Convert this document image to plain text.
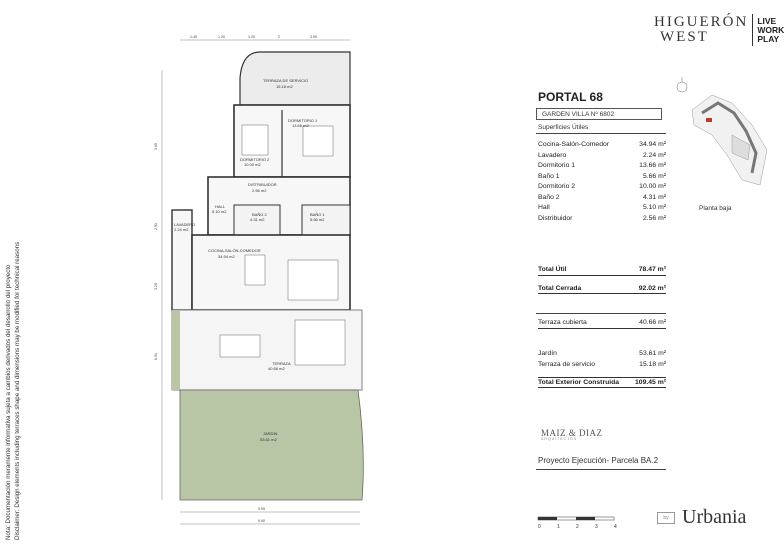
Nota: Documentación meramente informativa sujeta a cambios derivados del desarrollo del proyecto Disclaimer: Design elements including terraces shape and dimensions may be modified for technical reasons
1.45	1.20	1.20	2	3.90
3.00
2.91
3.20
6.94
TERRAZA DE SERVICIO
15.18 m2
DORMITORIO 1
13.66 m2
DORMITORIO 2
10.00 m2
DISTRIBUIDOR
2.56 m2
HALL
5.10 m2
BAÑO 2
4.31 m2
BAÑO 1
5.66 m2
LAVADERO
2.24 m2
COCINA-SALÓN-COMEDOR
34.94 m2
TERRAZA
40.66 m2
JARDÍN
53.61 m2
9.95
9.90
HIGUERÓN
WEST
LIVE
WORK
PLAY
PORTAL 68
GARDEN VILLA Nº 6802
Superficies Útiles
Cocina-Salón-Comedor	34.94 m²
Lavadero	2.24 m²
Dormitorio 1	13.66 m²
Baño 1	5.66 m²
Dormitorio 2	10.00 m²
Baño 2	4.31 m²
Hall	5.10 m²
Distribuidor	2.56 m²
Total Útil	78.47 m²
Total Cerrada	92.02 m²
Terraza cubierta	40.66 m²
Jardín	53.61 m²
Terraza de servicio	15.18 m²
Total Exterior Construida 109.45 m²
Planta baja
MAIZ & DIAZ
ARQUITECTOS
Proyecto Ejecución- Parcela BA.2
0	1	2	3	4
by Urbania
